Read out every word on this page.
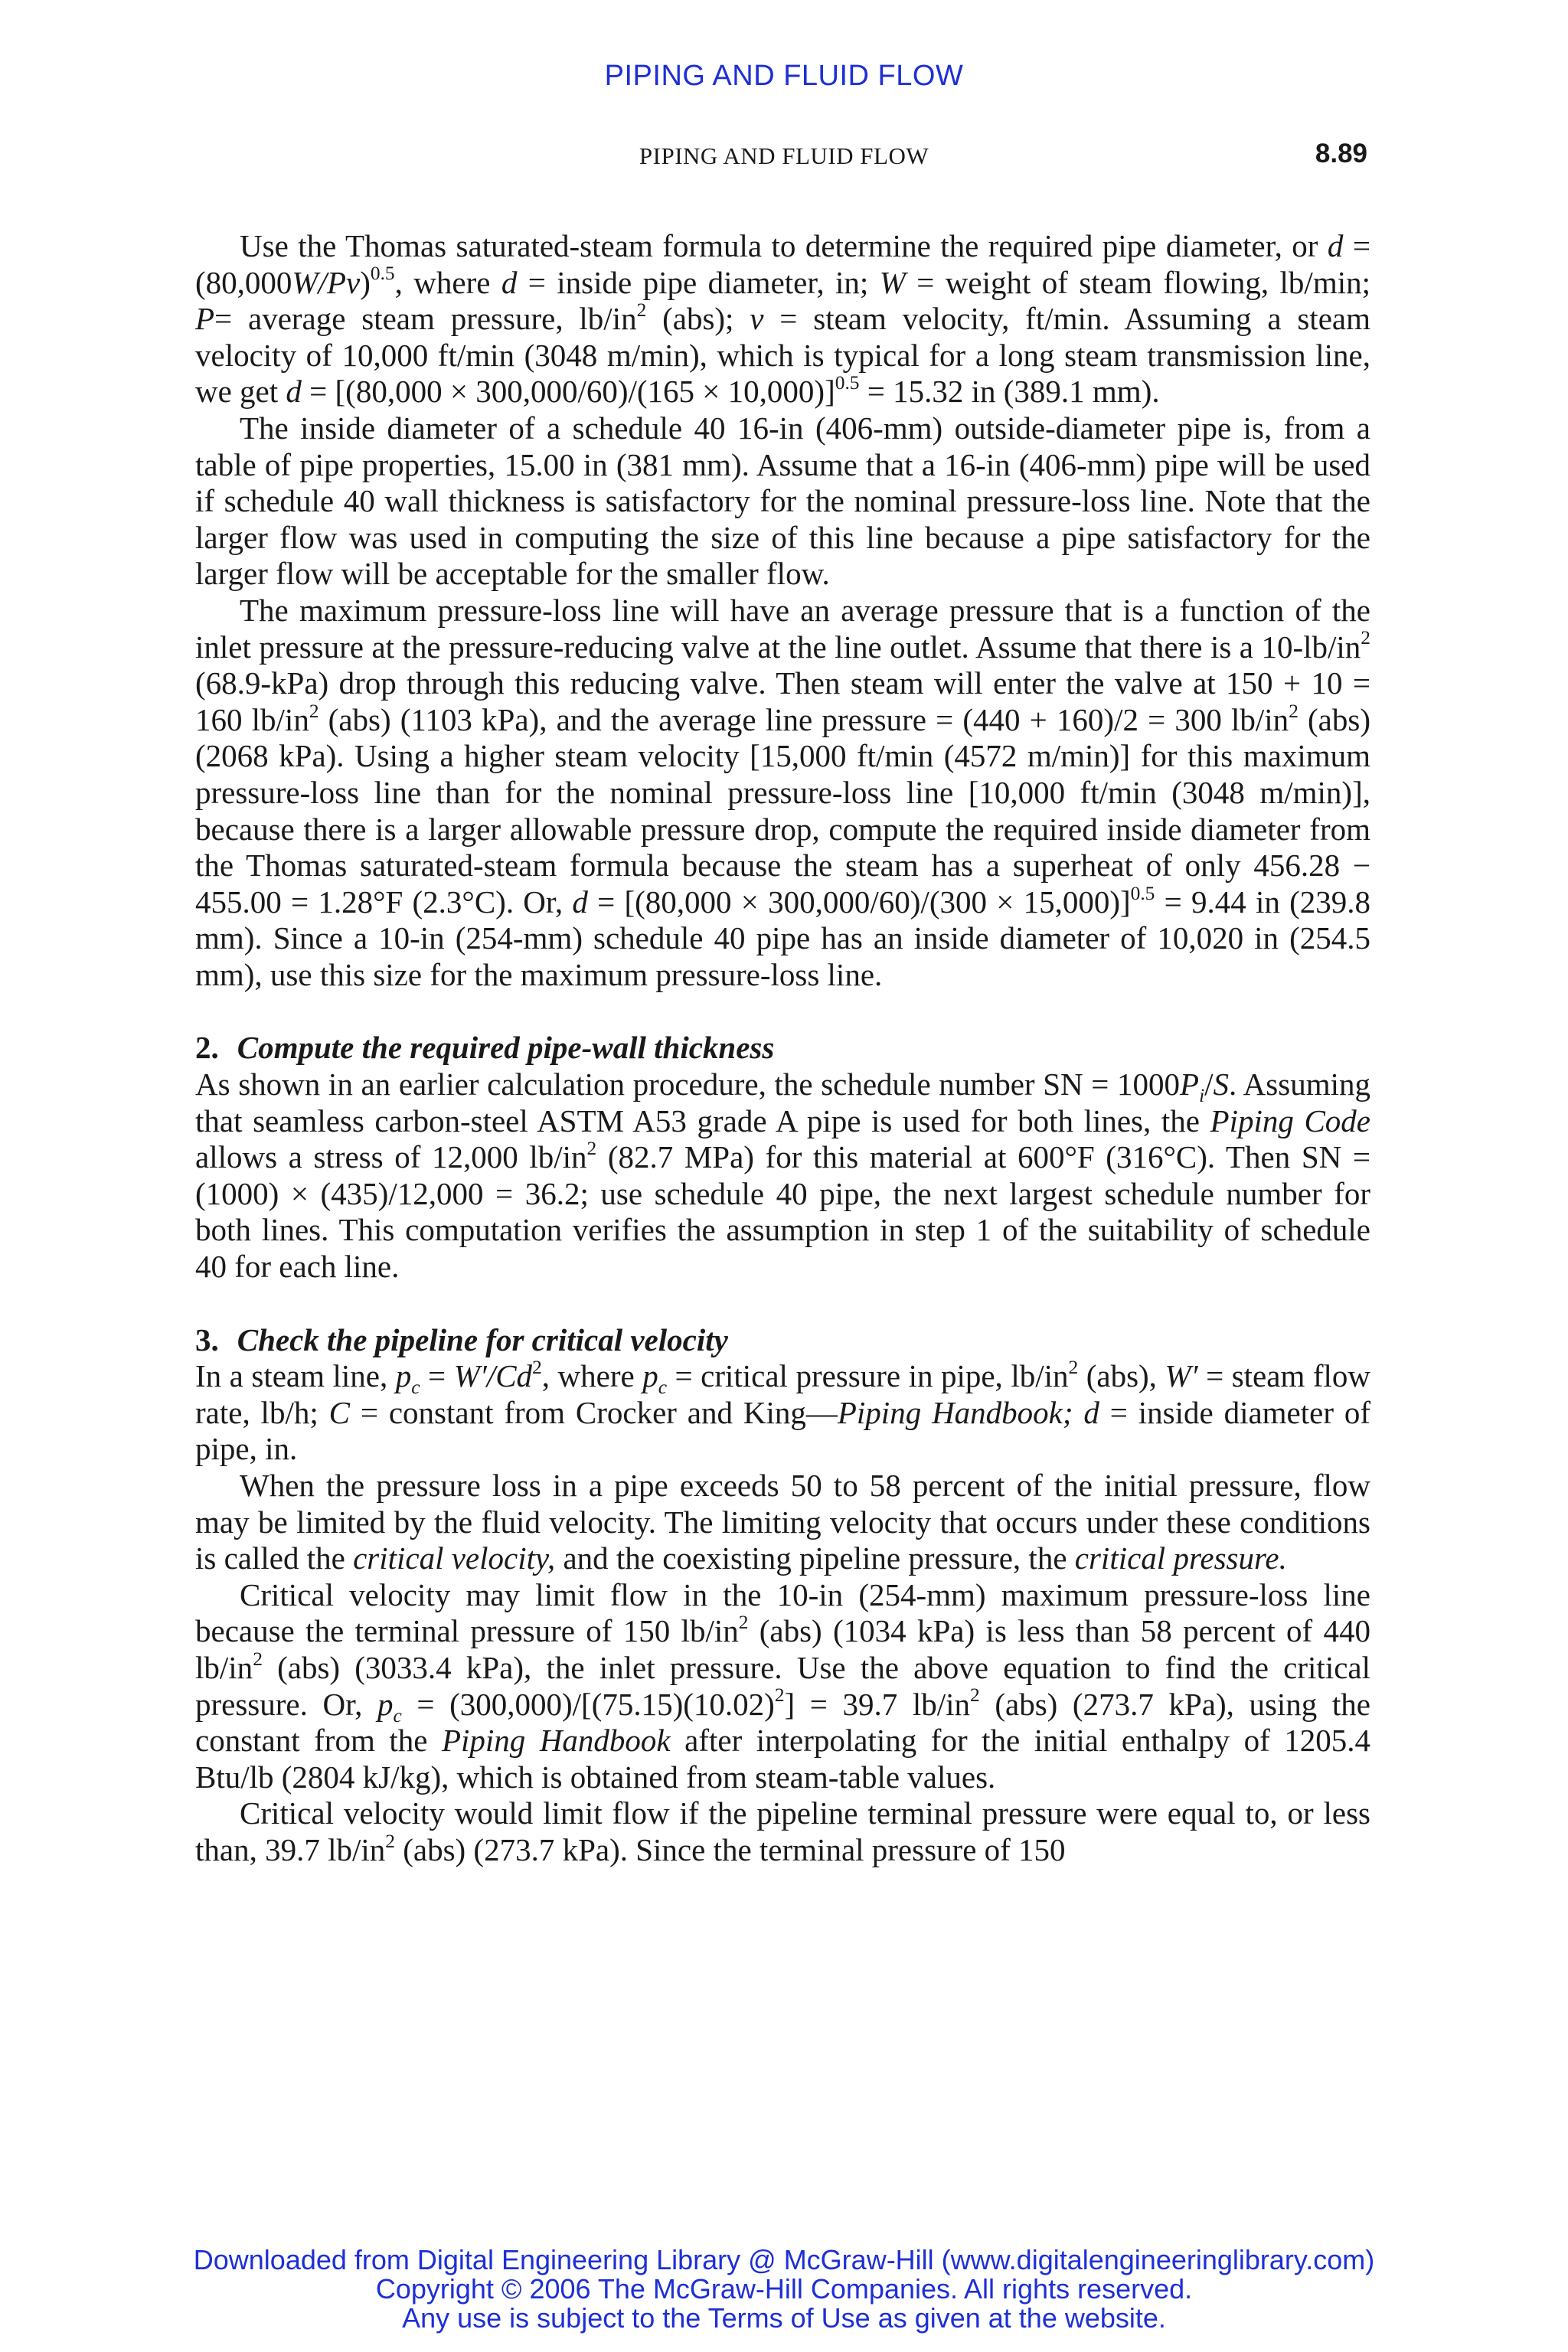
PIPING AND FLUID FLOW
PIPING AND FLUID FLOW	8.89

Use the Thomas saturated-steam formula to determine the required pipe diameter, or $d = (80,000W/Pv)^{0.5}$, where d = inside pipe diameter, in; W = weight of steam flowing, lb/min; P= average steam pressure, $lb/in^2$ (abs); v = steam velocity, ft/min. Assuming a steam velocity of 10,000 ft/min (3048 m/min), which is typical for a long steam transmission line, we get $d = [(80,000 \times 300,000/60)/(165 \times 10,000)]^{0.5} = 15.32$ in (389.1 mm).

The inside diameter of a schedule 40 16-in (406-mm) outside-diameter pipe is, from a table of pipe properties, 15.00 in (381 mm). Assume that a 16-in (406-mm) pipe will be used if schedule 40 wall thickness is satisfactory for the nominal pressure-loss line. Note that the larger flow was used in computing the size of this line because a pipe satisfactory for the larger flow will be acceptable for the smaller flow.

The maximum pressure-loss line will have an average pressure that is a function of the inlet pressure at the pressure-reducing valve at the line outlet. Assume that there is a $10-lb/in^2$ (68.9-kPa) drop through this reducing valve. Then steam will enter the valve at 150 + 10 = 160 $lb/in^2$ (abs) (1103 kPa), and the average line pressure = (440 + 160)/2 = 300 $lb/in^2$ (abs) (2068 kPa). Using a higher steam velocity [15,000 ft/min (4572 m/min)] for this maximum pressure-loss line than for the nominal pressure-loss line [10,000 ft/min (3048 m/min)], because there is a larger allowable pressure drop, compute the required inside diameter from the Thomas saturated-steam formula because the steam has a superheat of only 456.28 − 455.00 = 1.28°F (2.3°C). Or, $d = [(80,000 \times 300,000/60)/(300 \times 15,000)]^{0.5} = 9.44$ in (239.8 mm). Since a 10-in (254-mm) schedule 40 pipe has an inside diameter of 10,020 in (254.5 mm), use this size for the maximum pressure-loss line.

2. Compute the required pipe-wall thickness

As shown in an earlier calculation procedure, the schedule number SN = $1000P_i/S$. Assuming that seamless carbon-steel ASTM A53 grade A pipe is used for both lines, the Piping Code allows a stress of 12,000 $lb/in^2$ (82.7 MPa) for this material at 600°F (316°C). Then SN = (1000) × (435)/12,000 = 36.2; use schedule 40 pipe, the next largest schedule number for both lines. This computation verifies the assumption in step 1 of the suitability of schedule 40 for each line.

3. Check the pipeline for critical velocity

In a steam line, $p_c = W'/Cd^2$, where $p_c$ = critical pressure in pipe, $lb/in^2$ (abs), W′ = steam flow rate, lb/h; C = constant from Crocker and King—Piping Handbook; d = inside diameter of pipe, in.

When the pressure loss in a pipe exceeds 50 to 58 percent of the initial pressure, flow may be limited by the fluid velocity. The limiting velocity that occurs under these conditions is called the critical velocity, and the coexisting pipeline pressure, the critical pressure.

Critical velocity may limit flow in the 10-in (254-mm) maximum pressure-loss line because the terminal pressure of 150 $lb/in^2$ (abs) (1034 kPa) is less than 58 percent of 440 $lb/in^2$ (abs) (3033.4 kPa), the inlet pressure. Use the above equation to find the critical pressure. Or, $p_c = (300,000)/[(75.15)(10.02)^2] = 39.7$ $lb/in^2$ (abs) (273.7 kPa), using the constant from the Piping Handbook after interpolating for the initial enthalpy of 1205.4 Btu/lb (2804 kJ/kg), which is obtained from steam-table values.

Critical velocity would limit flow if the pipeline terminal pressure were equal to, or less than, 39.7 $lb/in^2$ (abs) (273.7 kPa). Since the terminal pressure of 150

Downloaded from Digital Engineering Library @ McGraw-Hill (www.digitalengineeringlibrary.com)
Copyright © 2006 The McGraw-Hill Companies. All rights reserved.
Any use is subject to the Terms of Use as given at the website.
